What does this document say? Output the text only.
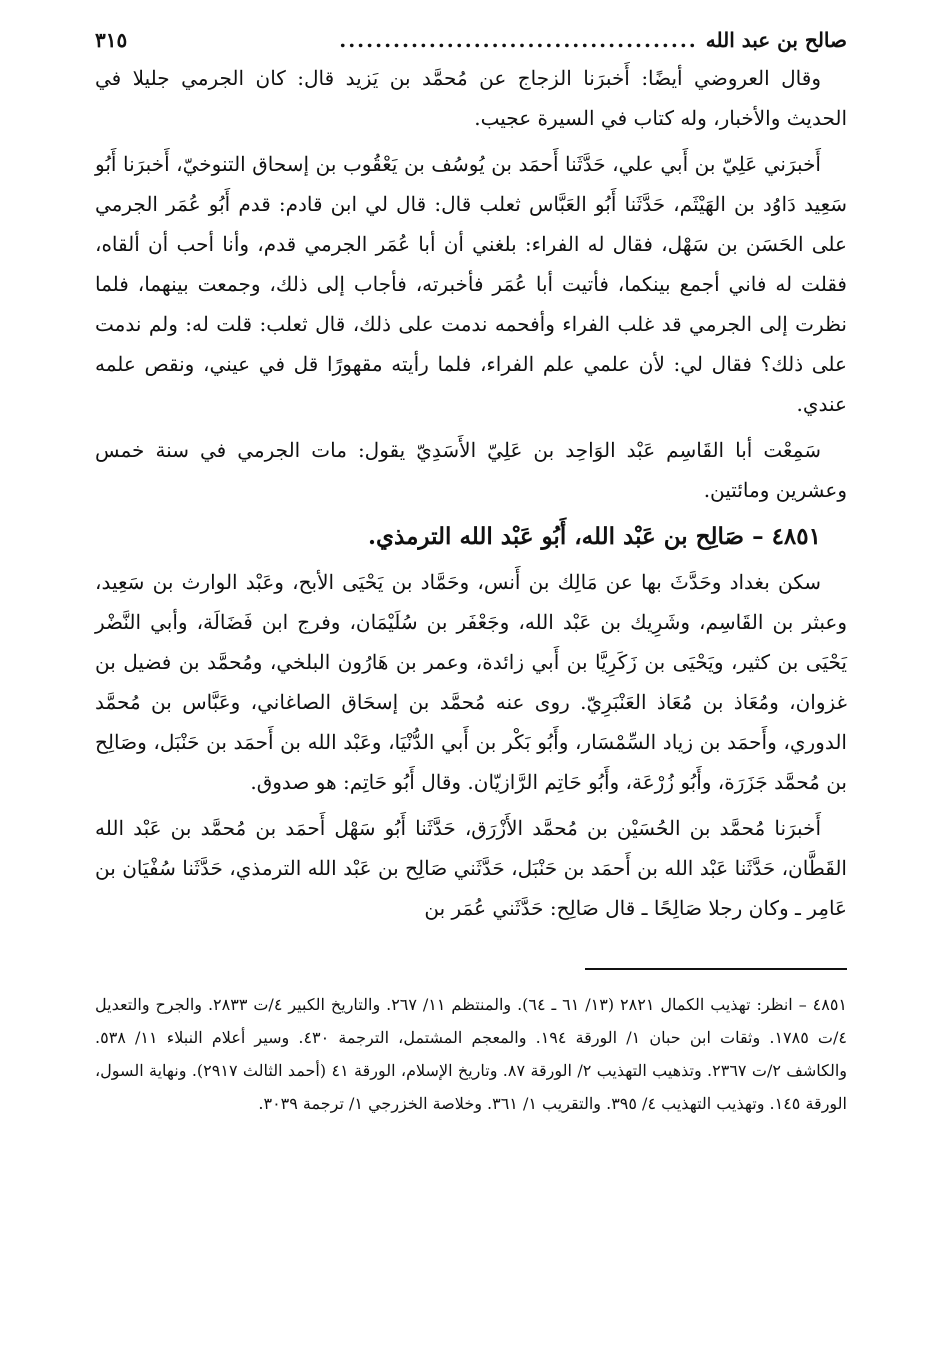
صالح بن عبد الله
........................................
٣١٥

وقال العروضي أيضًا: أَخبرَنا الزجاج عن مُحمَّد بن يَزيد قال: كان الجرمي جليلا في الحديث والأخبار، وله كتاب في السيرة عجيب.

أَخبرَني عَلِيّ بن أَبي علي، حَدَّثَنا أَحمَد بن يُوسُف بن يَعْقُوب بن إسحاق التنوخيّ، أَخبرَنا أَبُو سَعِيد دَاوُد بن الهَيْثَم، حَدَّثَنا أَبُو العَبَّاس ثعلب قال: قال لي ابن قادم: قدم أَبُو عُمَر الجرمي على الحَسَن بن سَهْل، فقال له الفراء: بلغني أن أبا عُمَر الجرمي قدم، وأنا أحب أن ألقاه، فقلت له فاني أجمع بينكما، فأتيت أبا عُمَر فأخبرته، فأجاب إلى ذلك، وجمعت بينهما، فلما نظرت إلى الجرمي قد غلب الفراء وأفحمه ندمت على ذلك، قال ثعلب: قلت له: ولم ندمت على ذلك؟ فقال لي: لأن علمي علم الفراء، فلما رأيته مقهورًا قل في عيني، ونقص علمه عندي.

سَمِعْت أبا القَاسِم عَبْد الوَاحِد بن عَلِيّ الأَسَدِيّ يقول: مات الجرمي في سنة خمس وعشرين ومائتين.

٤٨٥١ – صَالِح بن عَبْد الله، أَبُو عَبْد الله الترمذي.

سكن بغداد وحَدَّثَ بها عن مَالِك بن أَنس، وحَمَّاد بن يَحْيَى الأبح، وعَبْد الوارث بن سَعِيد، وعبثر بن القَاسِم، وشَرِيك بن عَبْد الله، وجَعْفَر بن سُلَيْمَان، وفرج ابن فَضَالَة، وأبي النَّضْر يَحْيَى بن كثير، ويَحْيَى بن زَكَرِيَّا بن أَبي زائدة، وعمر بن هَارُون البلخي، ومُحمَّد بن فضيل بن غزوان، ومُعَاذ بن مُعَاذ العَنْبَرِيّ. روى عنه مُحمَّد بن إسحَاق الصاغاني، وعَبَّاس بن مُحمَّد الدوري، وأَحمَد بن زياد السِّمْسَار، وأَبُو بَكْر بن أَبي الدُّنْيَا، وعَبْد الله بن أَحمَد بن حَنْبَل، وصَالِح بن مُحمَّد جَزَرَة، وأَبُو زُرْعَة، وأَبُو حَاتِم الرَّازيّان. وقال أَبُو حَاتِم: هو صدوق.

أَخبرَنا مُحمَّد بن الحُسَيْن بن مُحمَّد الأَزْرَق، حَدَّثَنا أَبُو سَهْل أَحمَد بن مُحمَّد بن عَبْد الله القَطَّان، حَدَّثَنا عَبْد الله بن أَحمَد بن حَنْبَل، حَدَّثَني صَالِح بن عَبْد الله الترمذي، حَدَّثَنا سُفْيَان بن عَامِر ـ وكان رجلا صَالِحًا ـ قال صَالِح: حَدَّثَني عُمَر بن

٤٨٥١ – انظر: تهذيب الكمال ٢٨٢١ (١٣/ ٦١ ـ ٦٤). والمنتظم ١١/ ٢٦٧. والتاريخ الكبير ٤/ت ٢٨٣٣. والجرح والتعديل ٤/ت ١٧٨٥. وثقات ابن حبان ١/ الورقة ١٩٤. والمعجم المشتمل، الترجمة ٤٣٠. وسير أعلام النبلاء ١١/ ٥٣٨. والكاشف ٢/ت ٢٣٦٧. وتذهيب التهذيب ٢/ الورقة ٨٧. وتاريخ الإسلام، الورقة ٤١ (أحمد الثالث ٢٩١٧). ونهاية السول، الورقة ١٤٥. وتهذيب التهذيب ٤/ ٣٩٥. والتقريب ١/ ٣٦١. وخلاصة الخزرجي ١/ ترجمة ٣٠٣٩.
